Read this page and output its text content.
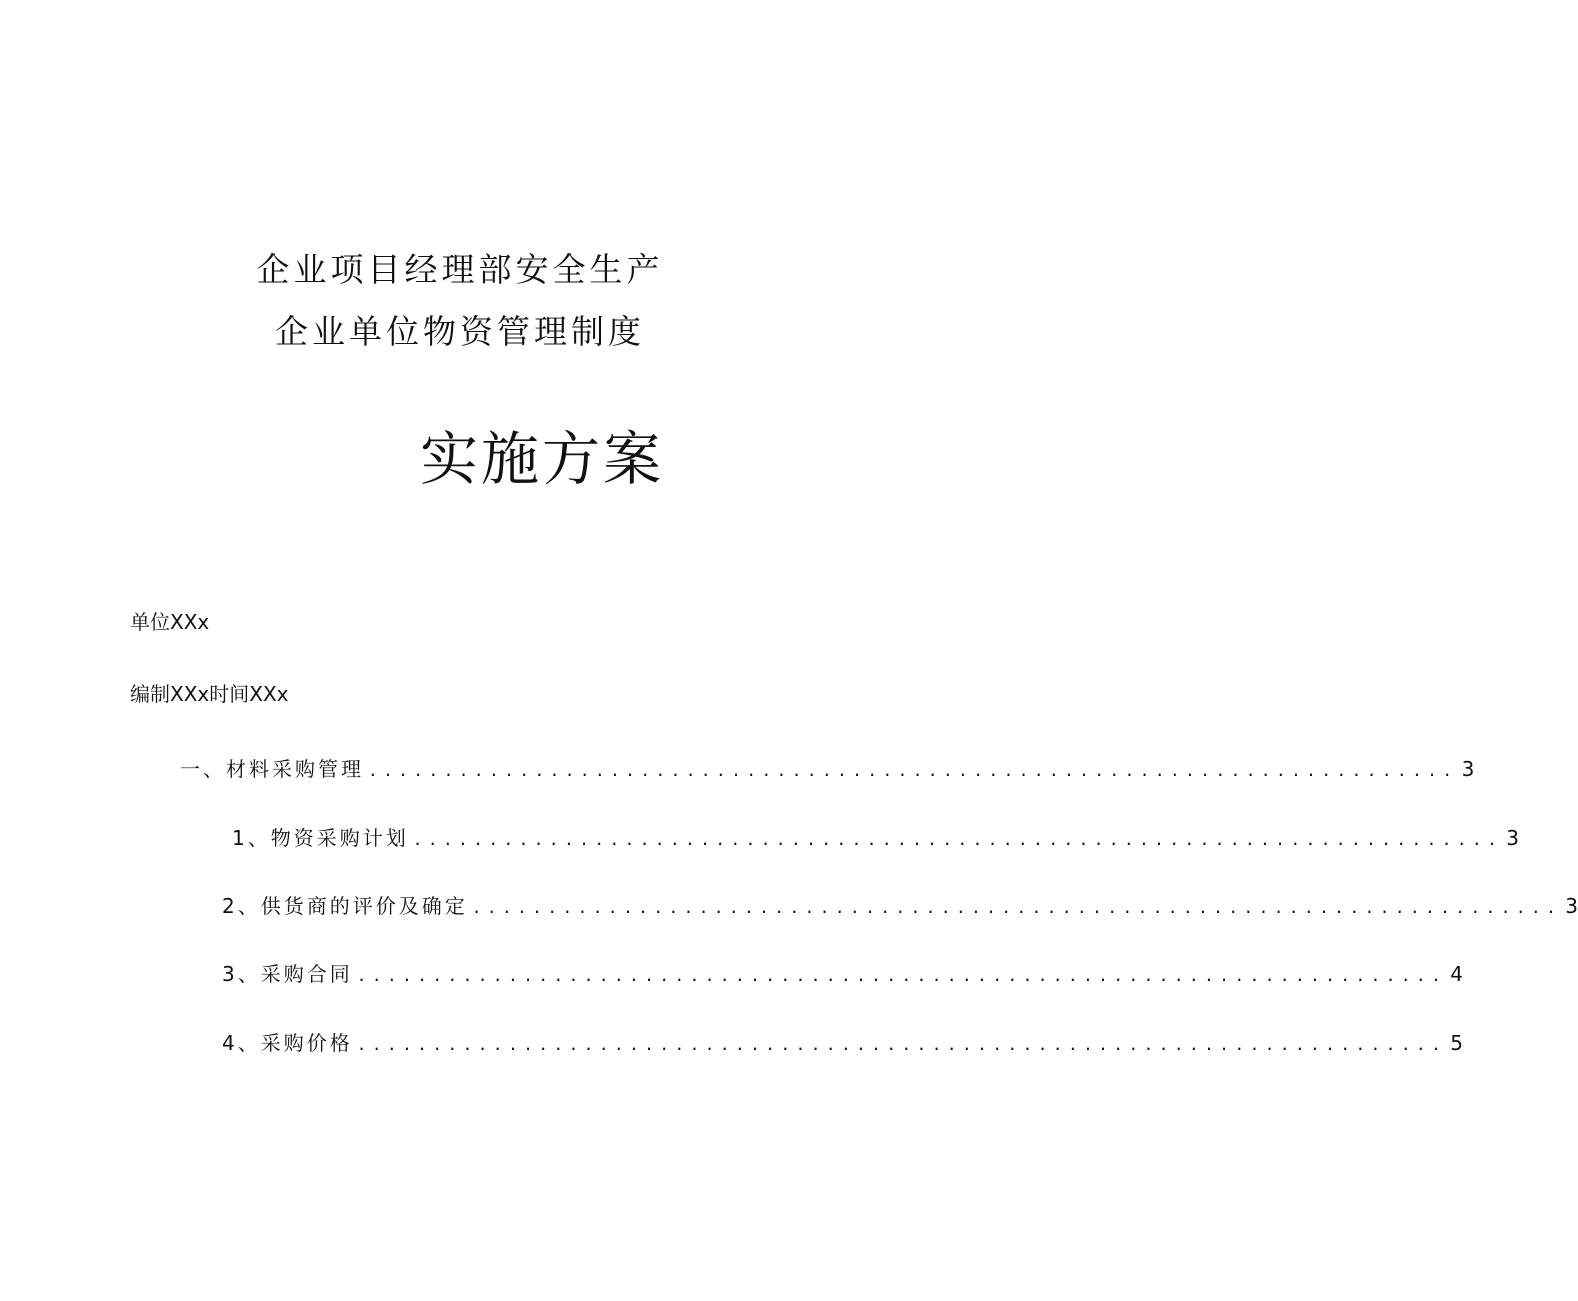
企业项目经理部安全生产
企业单位物资管理制度
实施方案
单位XXx
编制XXx时间XXx
一、材料采购管理 ........................................................................ 3
1、物资采购计划 ........................................................................ 3
2、供货商的评价及确定 ........................................................................ 3
3、采购合同 ........................................................................ 4
4、采购价格 ........................................................................ 5
